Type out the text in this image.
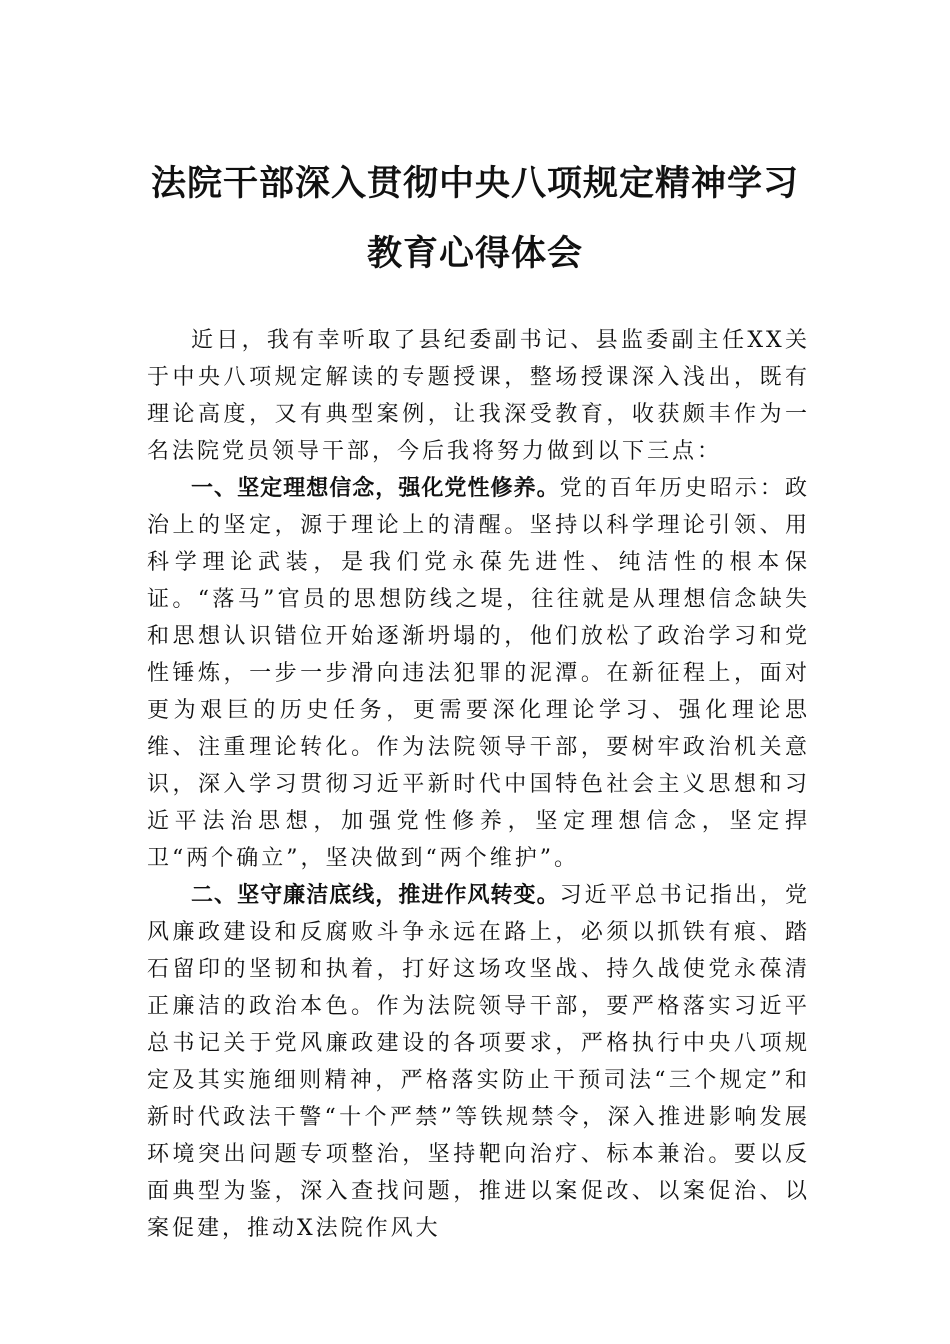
法院干部深入贯彻中央八项规定精神学习
教育心得体会

近日，我有幸听取了县纪委副书记、县监委副主任XX关于中央八项规定解读的专题授课，整场授课深入浅出，既有理论高度，又有典型案例，让我深受教育，收获颇丰作为一名法院党员领导干部，今后我将努力做到以下三点：

一、坚定理想信念，强化党性修养。党的百年历史昭示：政治上的坚定，源于理论上的清醒。坚持以科学理论引领、用科学理论武装，是我们党永葆先进性、纯洁性的根本保证。“落马”官员的思想防线之堤，往往就是从理想信念缺失和思想认识错位开始逐渐坍塌的，他们放松了政治学习和党性锤炼，一步一步滑向违法犯罪的泥潭。在新征程上，面对更为艰巨的历史任务，更需要深化理论学习、强化理论思维、注重理论转化。作为法院领导干部，要树牢政治机关意识，深入学习贯彻习近平新时代中国特色社会主义思想和习近平法治思想，加强党性修养，坚定理想信念，坚定捍卫“两个确立”，坚决做到“两个维护”。

二、坚守廉洁底线，推进作风转变。习近平总书记指出，党风廉政建设和反腐败斗争永远在路上，必须以抓铁有痕、踏石留印的坚韧和执着，打好这场攻坚战、持久战使党永葆清正廉洁的政治本色。作为法院领导干部，要严格落实习近平总书记关于党风廉政建设的各项要求，严格执行中央八项规定及其实施细则精神，严格落实防止干预司法“三个规定”和新时代政法干警“十个严禁”等铁规禁令，深入推进影响发展环境突出问题专项整治，坚持靶向治疗、标本兼治。要以反面典型为鉴，深入查找问题，推进以案促改、以案促治、以案促建，推动X法院作风大
